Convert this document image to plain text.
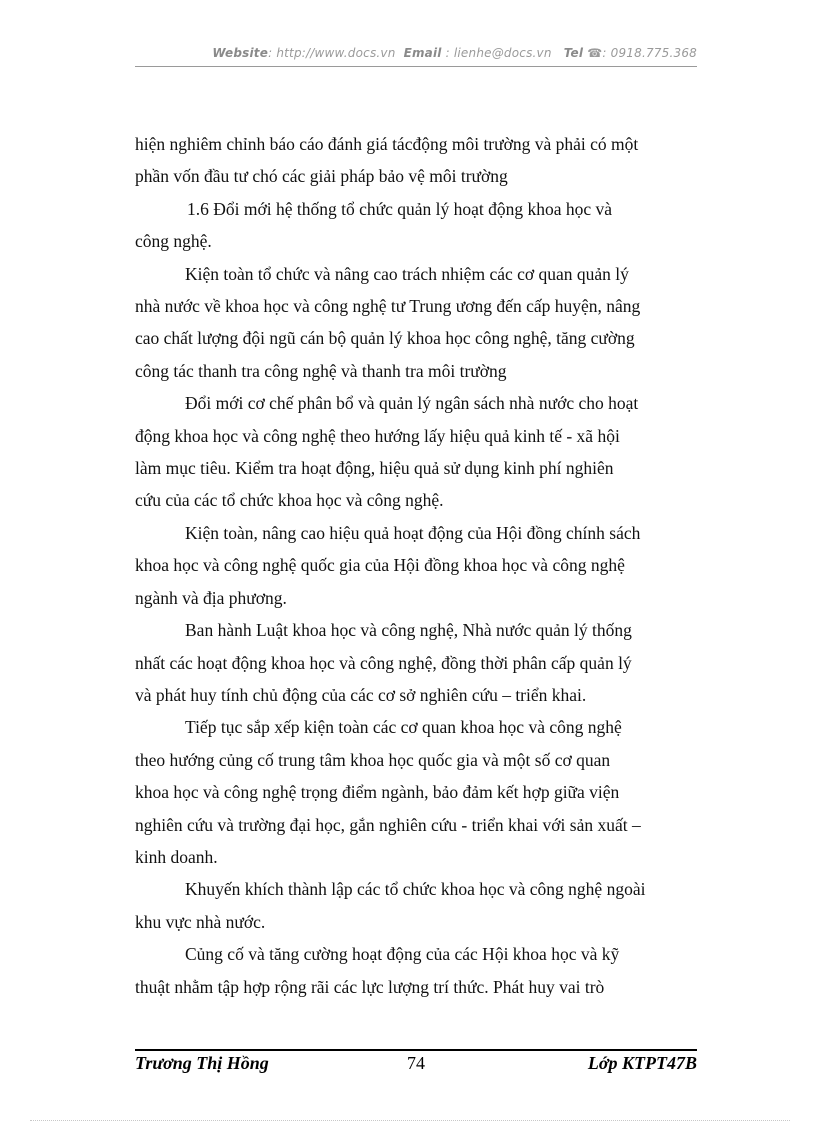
Website: http://www.docs.vn Email : lienhe@docs.vn Tel ☎: 0918.775.368

hiện nghiêm chỉnh báo cáo đánh giá tácđộng môi trường và phải có một
phần vốn đầu tư chó các giải pháp bảo vệ môi trường

1.6 Đổi mới hệ thống tổ chức quản lý hoạt động khoa học và
công nghệ.

Kiện toàn tổ chức và nâng cao trách nhiệm các cơ quan quản lý
nhà nước về khoa học và công nghệ tư Trung ương đến cấp huyện, nâng
cao chất lượng đội ngũ cán bộ quản lý khoa học công nghệ, tăng cường
công tác thanh tra công nghệ và thanh tra môi trường

Đổi mới cơ chế phân bổ và quản lý ngân sách nhà nước cho hoạt
động khoa học và công nghệ theo hướng lấy hiệu quả kinh tế - xã hội
làm mục tiêu. Kiểm tra hoạt động, hiệu quả sử dụng kinh phí nghiên
cứu của các tổ chức khoa học và công nghệ.

Kiện toàn, nâng cao hiệu quả hoạt động của Hội đồng chính sách
khoa học và công nghệ quốc gia của Hội đồng khoa học và công nghệ
ngành và địa phương.

Ban hành Luật khoa học và công nghệ, Nhà nước quản lý thống
nhất các hoạt động khoa học và công nghệ, đồng thời phân cấp quản lý
và phát huy tính chủ động của các cơ sở nghiên cứu – triển khai.

Tiếp tục sắp xếp kiện toàn các cơ quan khoa học và công nghệ
theo hướng củng cố trung tâm khoa học quốc gia và một số cơ quan
khoa học và công nghệ trọng điểm ngành, bảo đảm kết hợp giữa viện
nghiên cứu và trường đại học, gắn nghiên cứu - triển khai với sản xuất –
kinh doanh.

Khuyến khích thành lập các tổ chức khoa học và công nghệ ngoài
khu vực nhà nước.

Củng cố và tăng cường hoạt động của các Hội khoa học và kỹ
thuật nhằm tập hợp rộng rãi các lực lượng trí thức. Phát huy vai trò

Trương Thị Hồng	74	Lớp KTPT47B
